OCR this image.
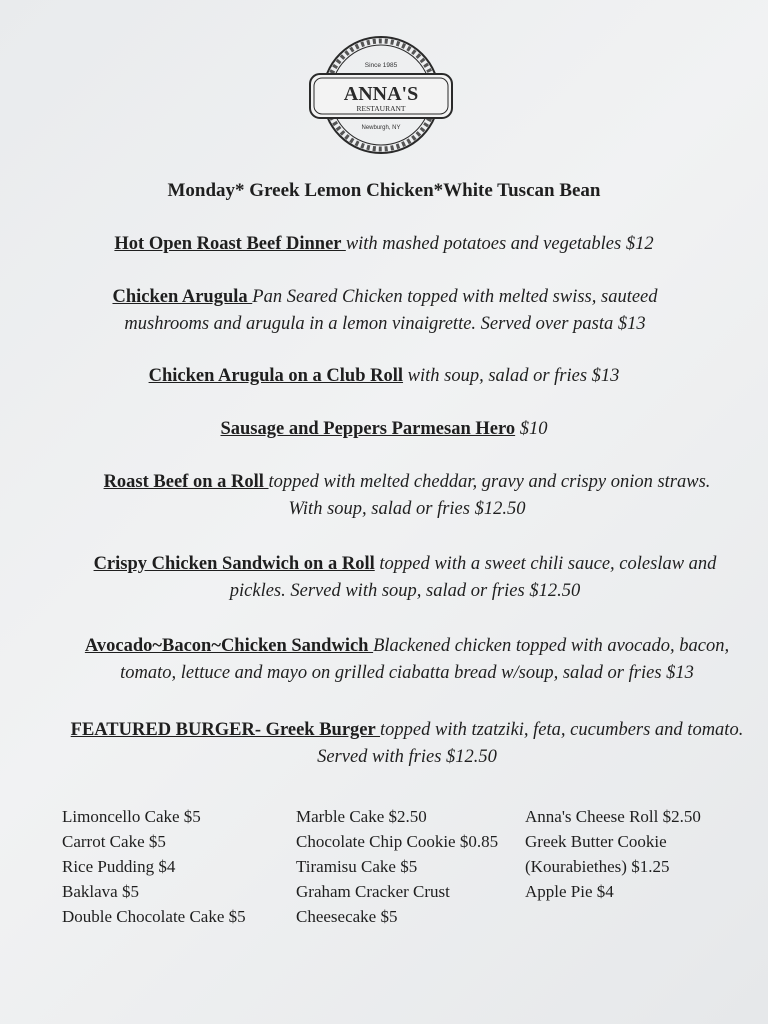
Since 1985
ANNA'S
RESTAURANT
Newburgh, NY
Monday* Greek Lemon Chicken*White Tuscan Bean
Hot Open Roast Beef Dinner with mashed potatoes and vegetables $12
Chicken Arugula Pan Seared Chicken topped with melted swiss, sauteed mushrooms and arugula in a lemon vinaigrette. Served over pasta $13
Chicken Arugula on a Club Roll with soup, salad or fries $13
Sausage and Peppers Parmesan Hero $10
Roast Beef on a Roll topped with melted cheddar, gravy and crispy onion straws. With soup, salad or fries $12.50
Crispy Chicken Sandwich on a Roll topped with a sweet chili sauce, coleslaw and pickles. Served with soup, salad or fries $12.50
Avocado~Bacon~Chicken Sandwich Blackened chicken topped with avocado, bacon, tomato, lettuce and mayo on grilled ciabatta bread w/soup, salad or fries $13
FEATURED BURGER- Greek Burger topped with tzatziki, feta, cucumbers and tomato. Served with fries $12.50
Limoncello Cake $5
Carrot Cake $5
Rice Pudding $4
Baklava $5
Double Chocolate Cake $5
Marble Cake $2.50
Chocolate Chip Cookie $0.85
Tiramisu Cake $5
Graham Cracker Crust
Cheesecake $5
Anna's Cheese Roll $2.50
Greek Butter Cookie
(Kourabiethes) $1.25
Apple Pie $4
